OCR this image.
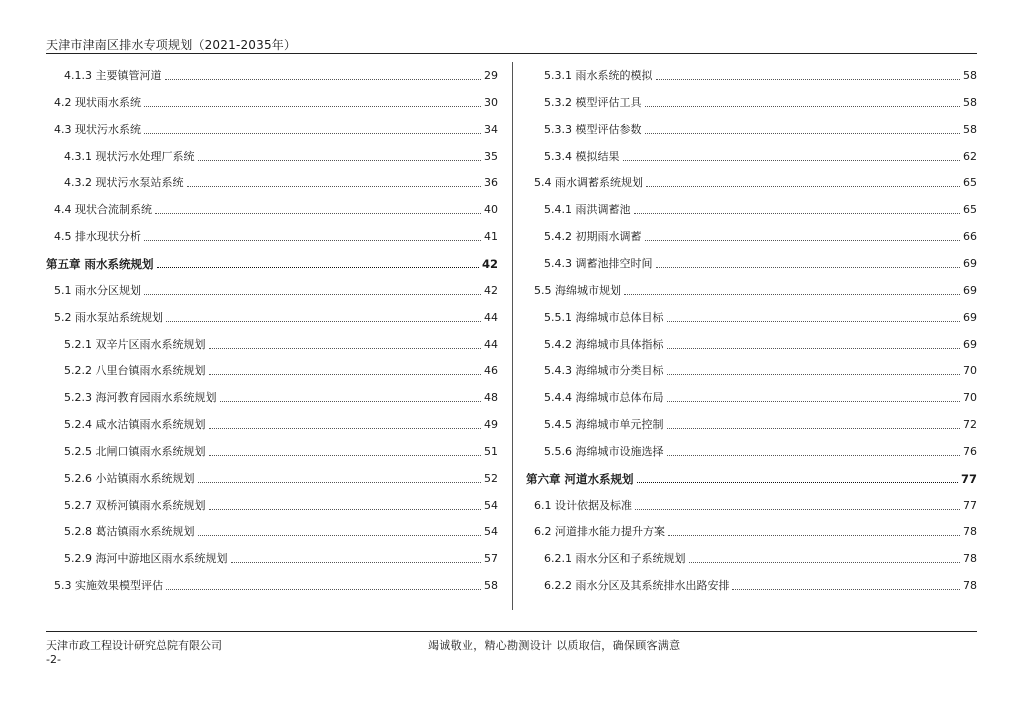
天津市津南区排水专项规划（2021-2035年）
4.1.3 主要镇管河道	29
4.2 现状雨水系统	30
4.3 现状污水系统	34
4.3.1 现状污水处理厂系统	35
4.3.2 现状污水泵站系统	36
4.4 现状合流制系统	40
4.5 排水现状分析	41
第五章 雨水系统规划	42
5.1 雨水分区规划	42
5.2 雨水泵站系统规划	44
5.2.1 双辛片区雨水系统规划	44
5.2.2 八里台镇雨水系统规划	46
5.2.3 海河教育园雨水系统规划	48
5.2.4 咸水沽镇雨水系统规划	49
5.2.5 北闸口镇雨水系统规划	51
5.2.6 小站镇雨水系统规划	52
5.2.7 双桥河镇雨水系统规划	54
5.2.8 葛沽镇雨水系统规划	54
5.2.9 海河中游地区雨水系统规划	57
5.3 实施效果模型评估	58
5.3.1 雨水系统的模拟	58
5.3.2 模型评估工具	58
5.3.3 模型评估参数	58
5.3.4 模拟结果	62
5.4 雨水调蓄系统规划	65
5.4.1 雨洪调蓄池	65
5.4.2 初期雨水调蓄	66
5.4.3 调蓄池排空时间	69
5.5 海绵城市规划	69
5.5.1 海绵城市总体目标	69
5.4.2 海绵城市具体指标	69
5.4.3 海绵城市分类目标	70
5.4.4 海绵城市总体布局	70
5.4.5 海绵城市单元控制	72
5.5.6 海绵城市设施选择	76
第六章 河道水系规划	77
6.1 设计依据及标准	77
6.2 河道排水能力提升方案	78
6.2.1 雨水分区和子系统规划	78
6.2.2 雨水分区及其系统排水出路安排	78
天津市政工程设计研究总院有限公司
-2-
竭诚敬业，精心勘测设计 以质取信，确保顾客满意
